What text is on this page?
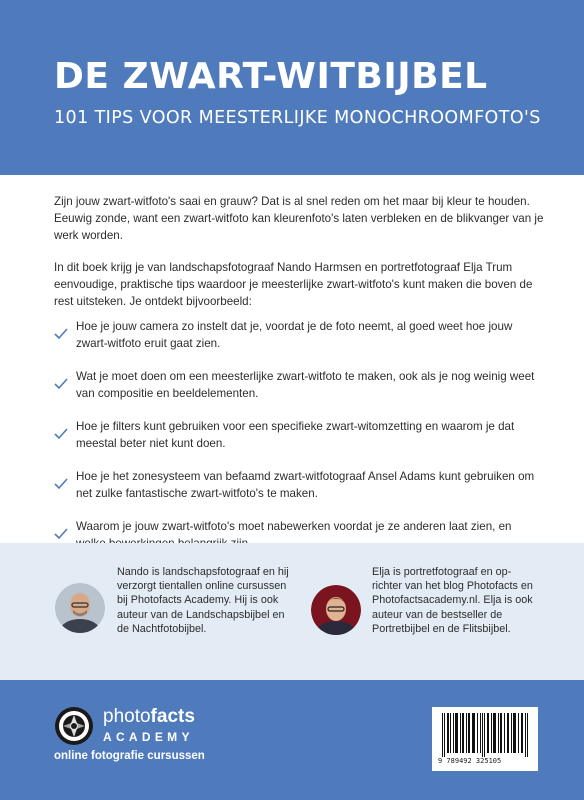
DE ZWART-WITBIJBEL
101 TIPS VOOR MEESTERLIJKE MONOCHROOMFOTO'S

Zijn jouw zwart-witfoto's saai en grauw? Dat is al snel reden om het maar bij kleur te houden. Eeuwig zonde, want een zwart-witfoto kan kleurenfoto's laten verbleken en de blikvanger van je werk worden.

In dit boek krijg je van landschapsfotograaf Nando Harmsen en portretfotograaf Elja Trum eenvoudige, praktische tips waardoor je meesterlijke zwart-witfoto's kunt maken die boven de rest uitsteken. Je ontdekt bijvoorbeeld:

Hoe je jouw camera zo instelt dat je, voordat je de foto neemt, al goed weet hoe jouw zwart-witfoto eruit gaat zien.
Wat je moet doen om een meesterlijke zwart-witfoto te maken, ook als je nog weinig weet van compositie en beeldelementen.
Hoe je filters kunt gebruiken voor een specifieke zwart-witomzetting en waarom je dat meestal beter niet kunt doen.
Hoe je het zonesysteem van befaamd zwart-witfotograaf Ansel Adams kunt gebruiken om net zulke fantastische zwart-witfoto's te maken.
Waarom je jouw zwart-witfoto's moet nabewerken voordat je ze anderen laat zien, en
Nando is landschapsfotograaf en hij verzorgt tientallen online cursussen bij Photofacts Academy. Hij is ook auteur van de Landschapsbijbel en de Nachtfotobijbel.
Elja is portretfotograaf en op-richter van het blog Photofacts en Photofactsacademy.nl. Elja is ook auteur van de bestseller de Portretbijbel en de Flitsbijbel.
photofacts
ACADEMY
online fotografie cursussen	9 789492 325105
